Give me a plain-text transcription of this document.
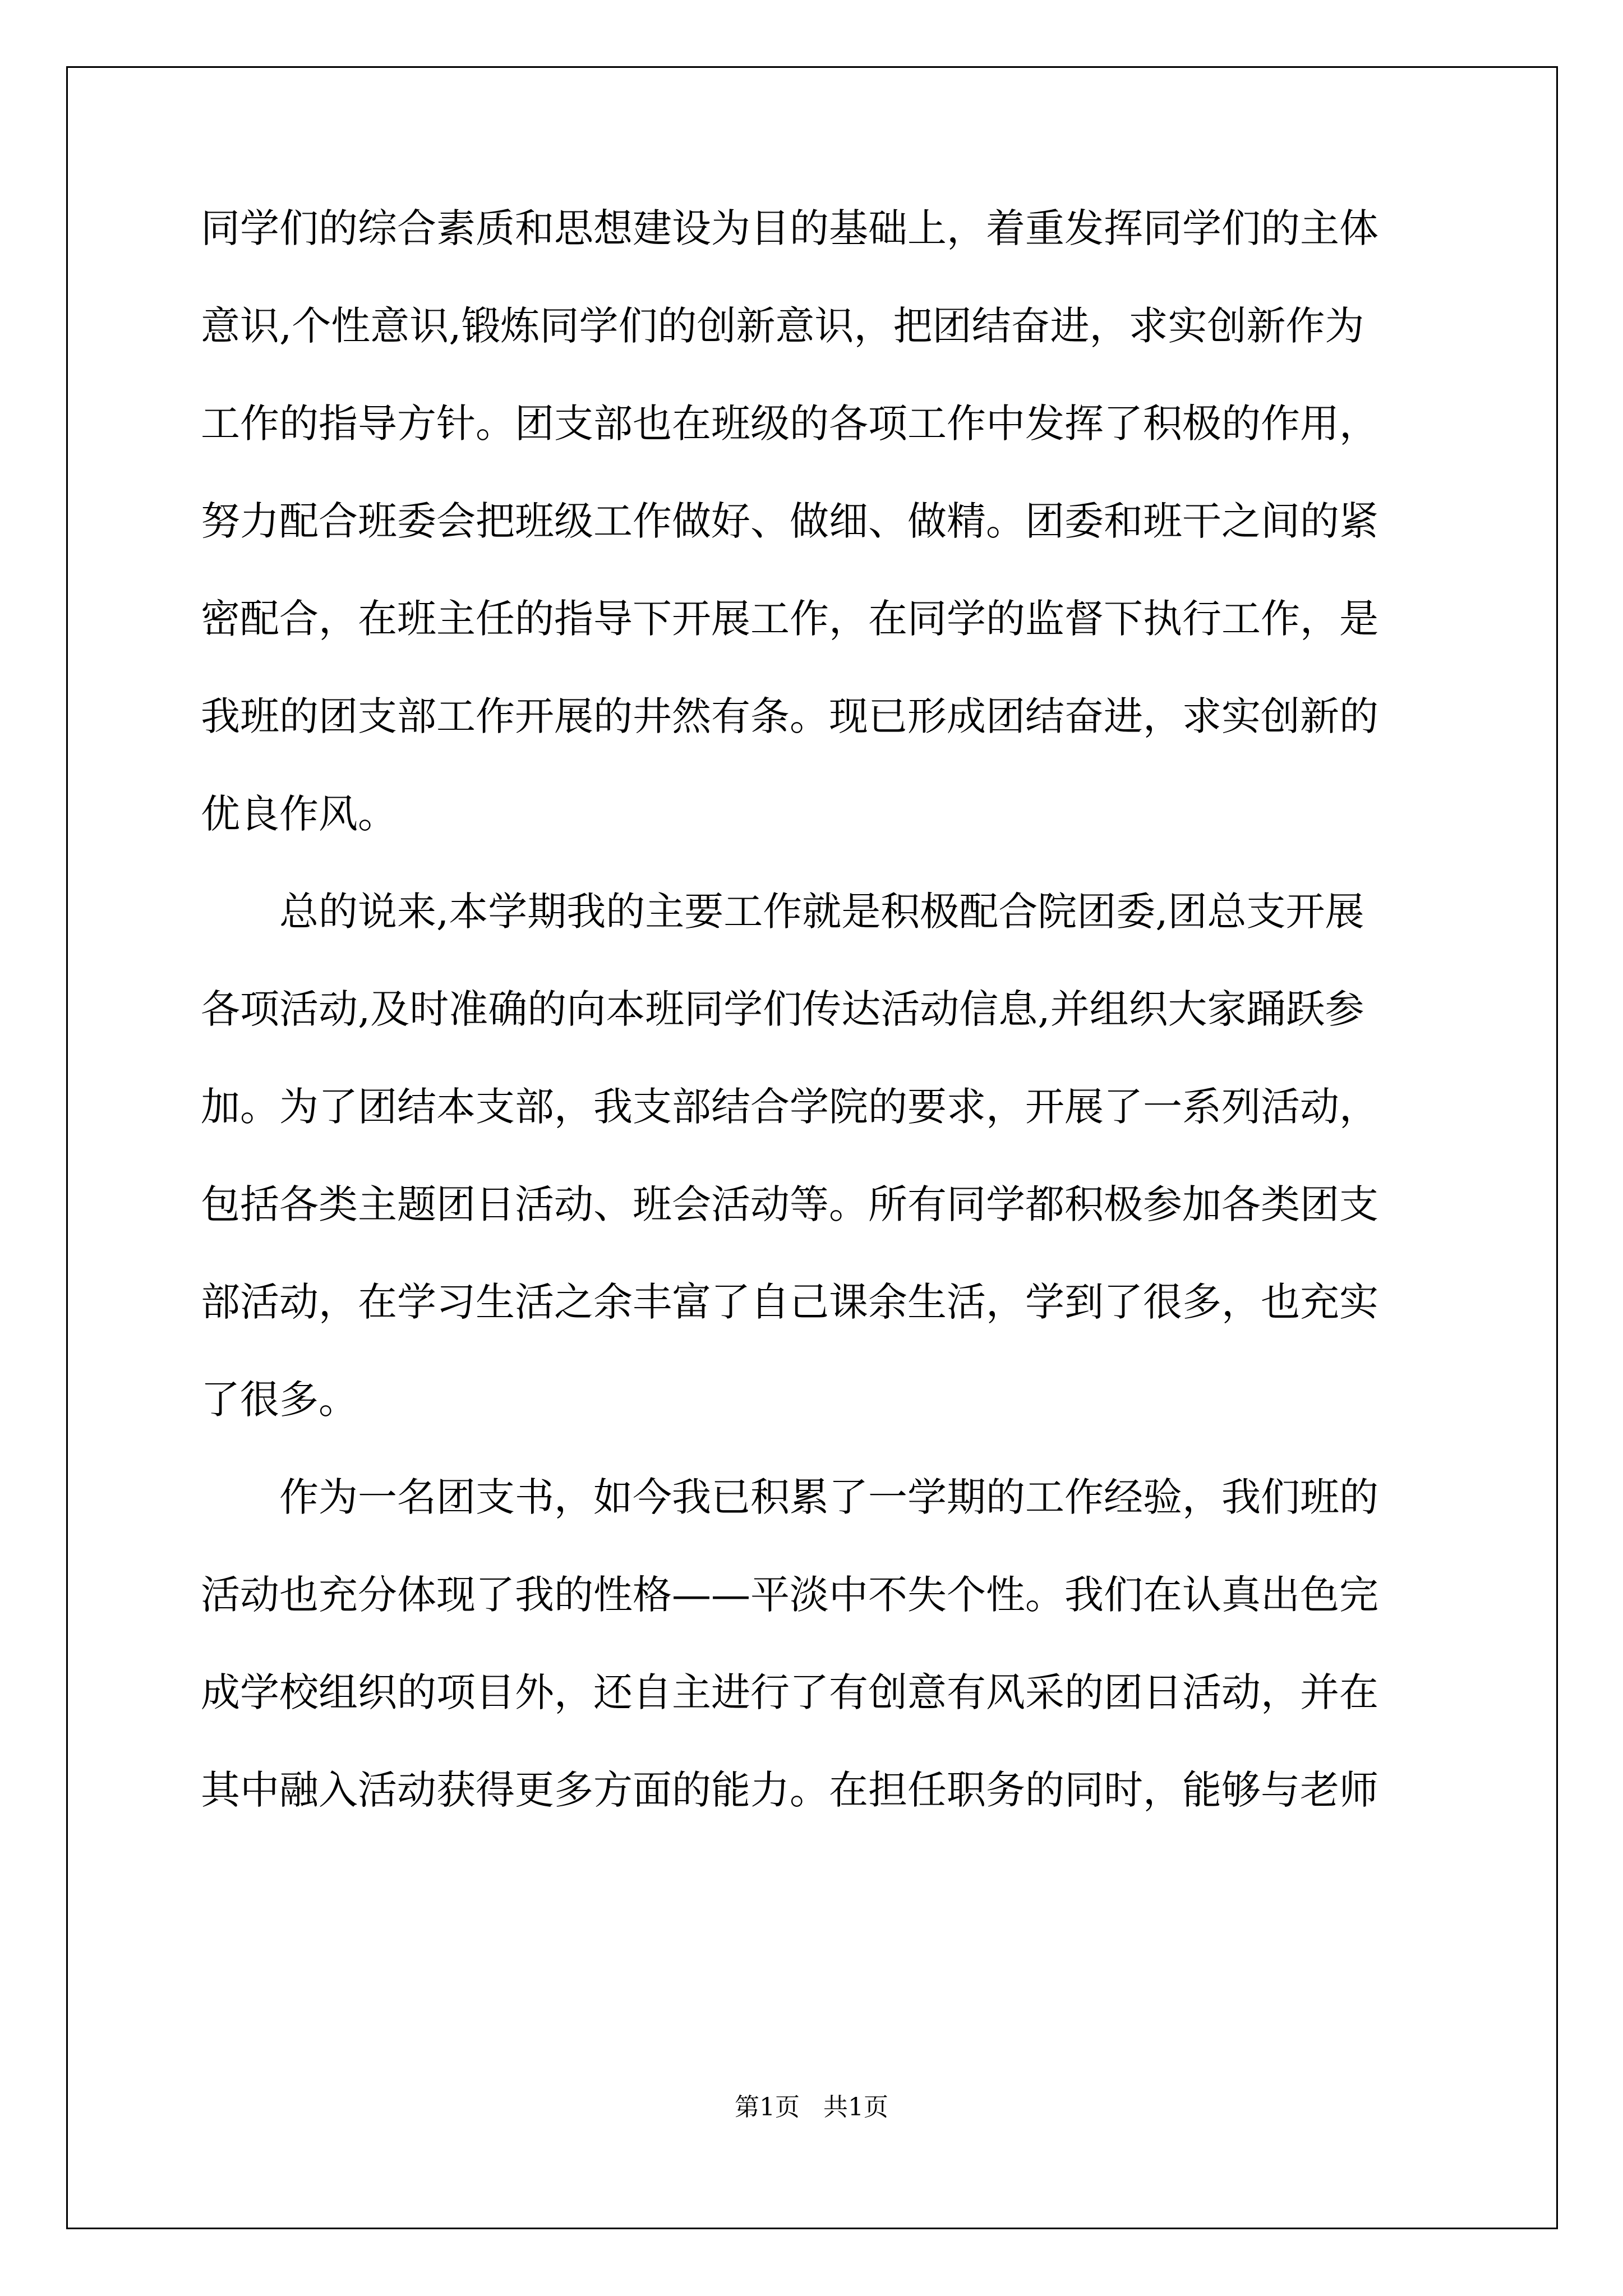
同学们的综合素质和思想建设为目的基础上，着重发挥同学们的主体
意识,个性意识,锻炼同学们的创新意识，把团结奋进，求实创新作为
工作的指导方针。团支部也在班级的各项工作中发挥了积极的作用，
努力配合班委会把班级工作做好、做细、做精。团委和班干之间的紧
密配合，在班主任的指导下开展工作，在同学的监督下执行工作，是
我班的团支部工作开展的井然有条。现已形成团结奋进，求实创新的
优良作风。
总的说来,本学期我的主要工作就是积极配合院团委,团总支开展
各项活动,及时准确的向本班同学们传达活动信息,并组织大家踊跃参
加。为了团结本支部，我支部结合学院的要求，开展了一系列活动，
包括各类主题团日活动、班会活动等。所有同学都积极参加各类团支
部活动，在学习生活之余丰富了自己课余生活，学到了很多，也充实
了很多。
作为一名团支书，如今我已积累了一学期的工作经验，我们班的
活动也充分体现了我的性格——平淡中不失个性。我们在认真出色完
成学校组织的项目外，还自主进行了有创意有风采的团日活动，并在
其中融入活动获得更多方面的能力。在担任职务的同时，能够与老师
第1页   共1页
